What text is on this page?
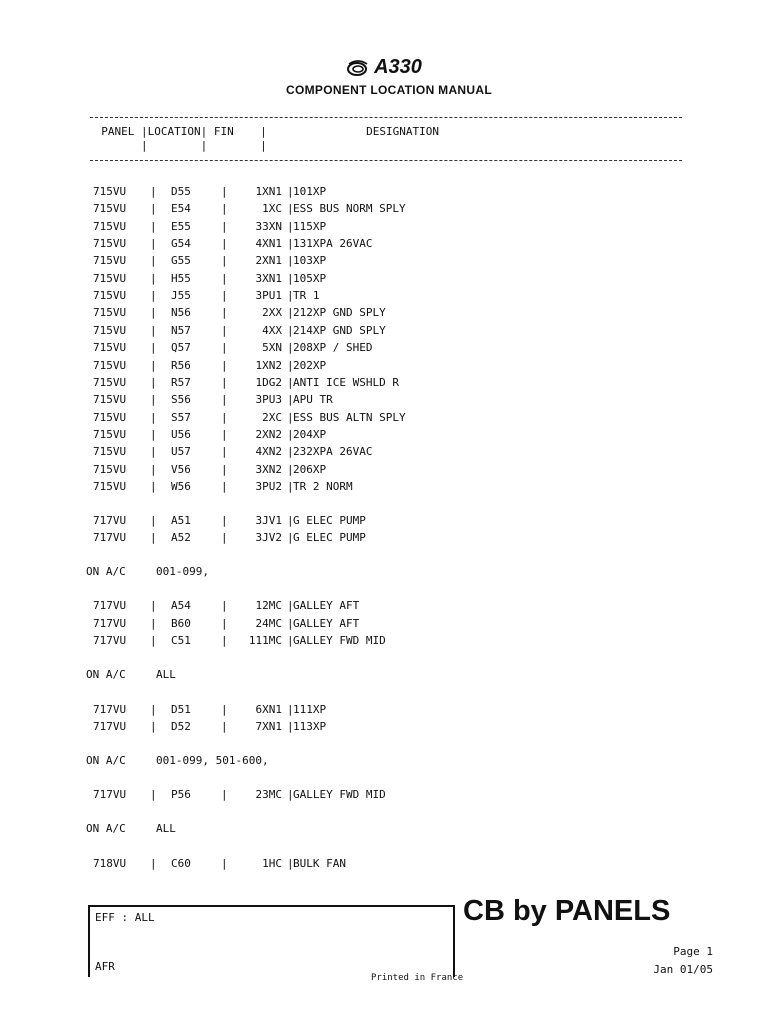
A330
COMPONENT LOCATION MANUAL
PANEL |LOCATION| FIN    |               DESIGNATION
|        |        |
715VU | D55	|	1XN1 | 101XP
715VU | E54	|	1XC | ESS BUS NORM SPLY
715VU | E55	|	33XN | 115XP
715VU | G54	|	4XN1 | 131XPA 26VAC
715VU | G55	|	2XN1 | 103XP
715VU | H55	|	3XN1 | 105XP
715VU | J55	|	3PU1 | TR 1
715VU | N56	|	2XX | 212XP GND SPLY
715VU | N57	|	4XX | 214XP GND SPLY
715VU | Q57	|	5XN | 208XP / SHED
715VU | R56	|	1XN2 | 202XP
715VU | R57	|	1DG2 | ANTI ICE WSHLD R
715VU | S56	|	3PU3 | APU TR
715VU | S57	|	2XC | ESS BUS ALTN SPLY
715VU | U56	|	2XN2 | 204XP
715VU | U57	|	4XN2 | 232XPA 26VAC
715VU | V56	|	3XN2 | 206XP
715VU | W56	|	3PU2 | TR 2 NORM
717VU | A51	|	3JV1 | G ELEC PUMP
717VU | A52	|	3JV2 | G ELEC PUMP
ON A/C	001-099,
717VU | A54	|	12MC | GALLEY AFT
717VU | B60	|	24MC | GALLEY AFT
717VU | C51	|	111MC | GALLEY FWD MID
ON A/C	ALL
717VU | D51	|	6XN1 | 111XP
717VU | D52	|	7XN1 | 113XP
ON A/C	001-099, 501-600,
717VU | P56	|	23MC | GALLEY FWD MID
ON A/C	ALL
718VU | C60	|	1HC | BULK FAN
EFF : ALL
AFR
CB by PANELS
Page 1
Jan 01/05
Printed in France
